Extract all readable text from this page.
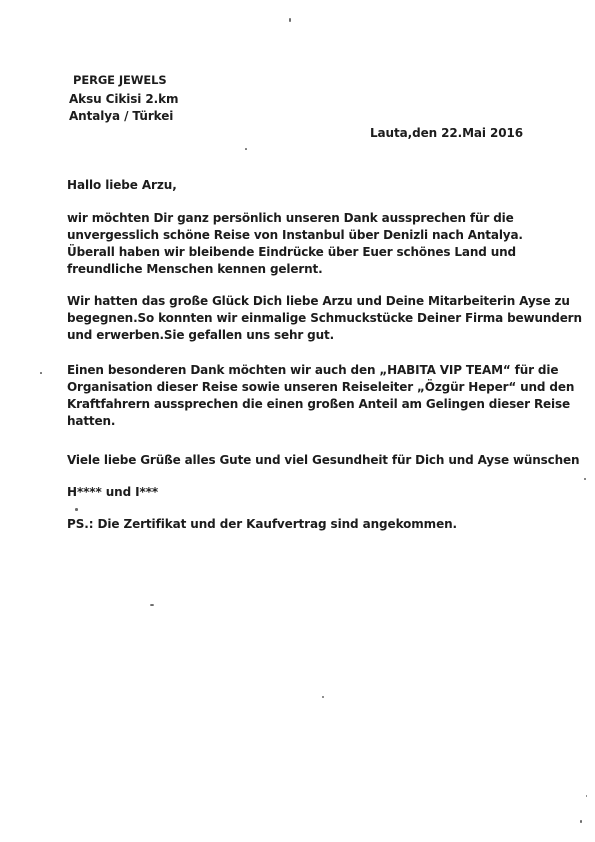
PERGE JEWELS
Aksu Cikisi 2.km
Antalya / Türkei
Lauta,den 22.Mai 2016
Hallo liebe Arzu,
wir möchten Dir ganz persönlich unseren Dank aussprechen für die
unvergesslich schöne Reise von Instanbul über Denizli nach Antalya.
Überall haben wir bleibende Eindrücke über Euer schönes Land und
freundliche Menschen kennen gelernt.
Wir hatten das große Glück Dich liebe Arzu und Deine Mitarbeiterin Ayse zu
begegnen.So konnten wir einmalige Schmuckstücke Deiner Firma bewundern
und erwerben.Sie gefallen uns sehr gut.
Einen besonderen Dank möchten wir auch den „HABITA VIP TEAM“ für die
Organisation dieser Reise sowie unseren Reiseleiter „Özgür Heper“ und den
Kraftfahrern aussprechen die einen großen Anteil am Gelingen dieser Reise
hatten.
Viele liebe Grüße alles Gute und viel Gesundheit für Dich und Ayse wünschen
H**** und I***
PS.: Die Zertifikat und der Kaufvertrag sind angekommen.
